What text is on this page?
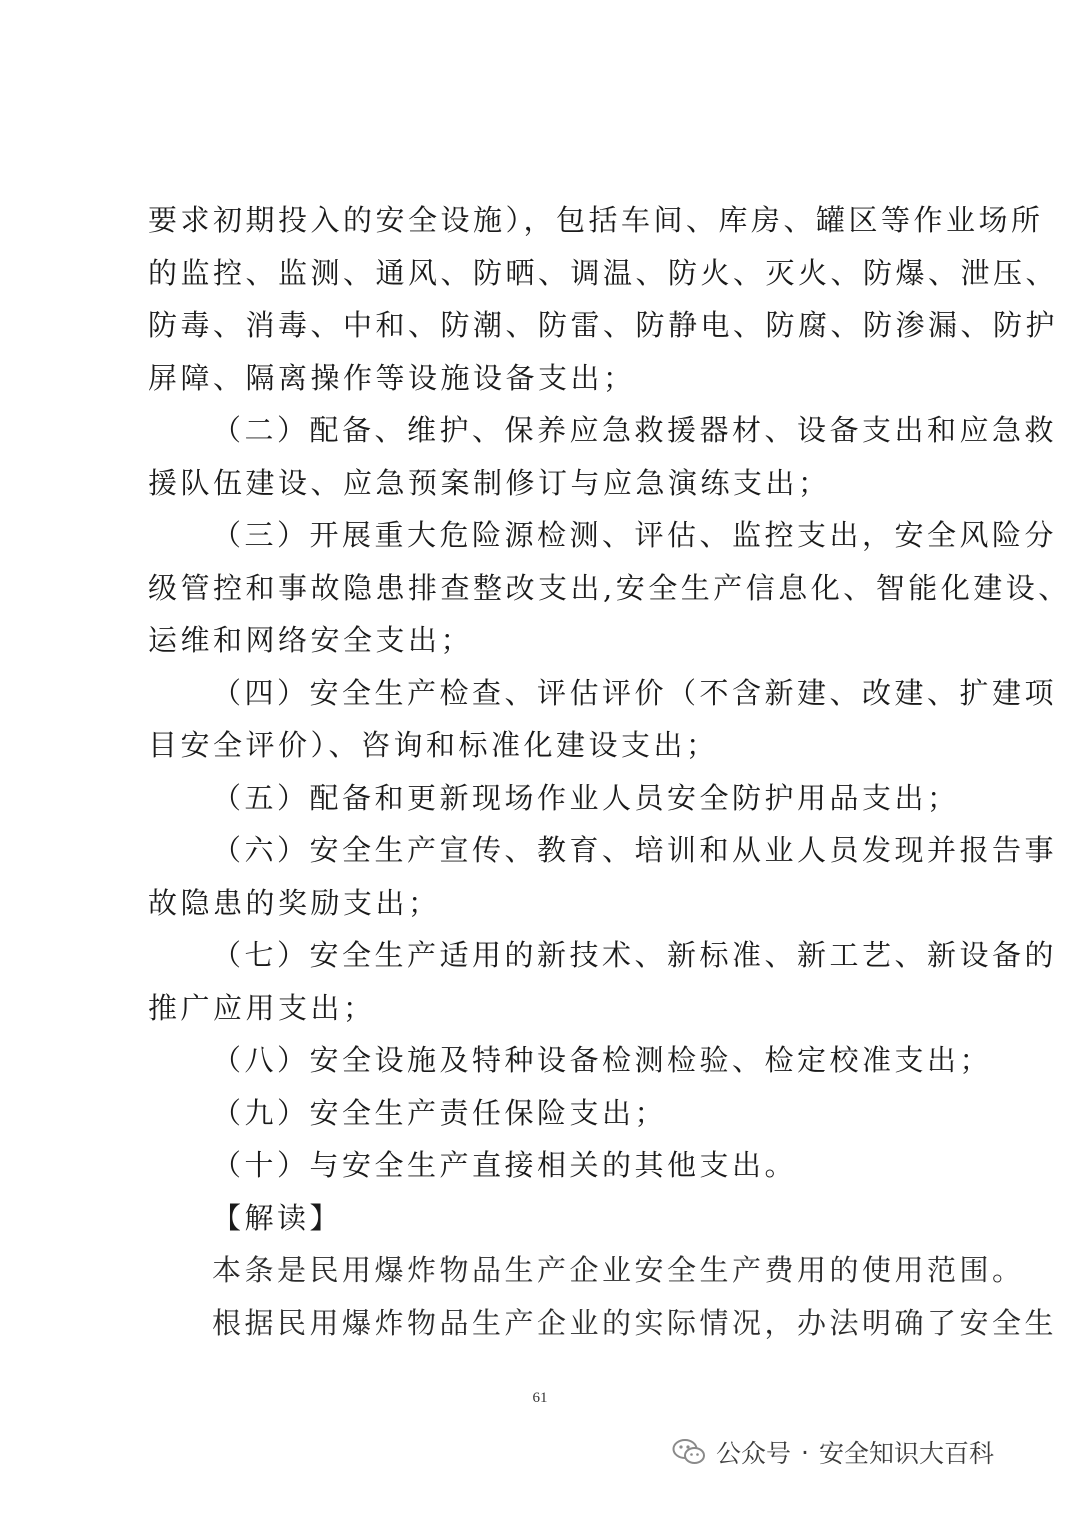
要求初期投入的安全设施），包括车间、库房、罐区等作业场所
的监控、监测、通风、防晒、调温、防火、灭火、防爆、泄压、
防毒、消毒、中和、防潮、防雷、防静电、防腐、防渗漏、防护
屏障、隔离操作等设施设备支出；
（二）配备、维护、保养应急救援器材、设备支出和应急救
援队伍建设、应急预案制修订与应急演练支出；
（三）开展重大危险源检测、评估、监控支出，安全风险分
级管控和事故隐患排查整改支出,安全生产信息化、智能化建设、
运维和网络安全支出；
（四）安全生产检查、评估评价（不含新建、改建、扩建项
目安全评价）、咨询和标准化建设支出；
（五）配备和更新现场作业人员安全防护用品支出；
（六）安全生产宣传、教育、培训和从业人员发现并报告事
故隐患的奖励支出；
（七）安全生产适用的新技术、新标准、新工艺、新设备的
推广应用支出；
（八）安全设施及特种设备检测检验、检定校准支出；
（九）安全生产责任保险支出；
（十）与安全生产直接相关的其他支出。
【解读】
本条是民用爆炸物品生产企业安全生产费用的使用范围。
根据民用爆炸物品生产企业的实际情况，办法明确了安全生
61
公众号 · 安全知识大百科
